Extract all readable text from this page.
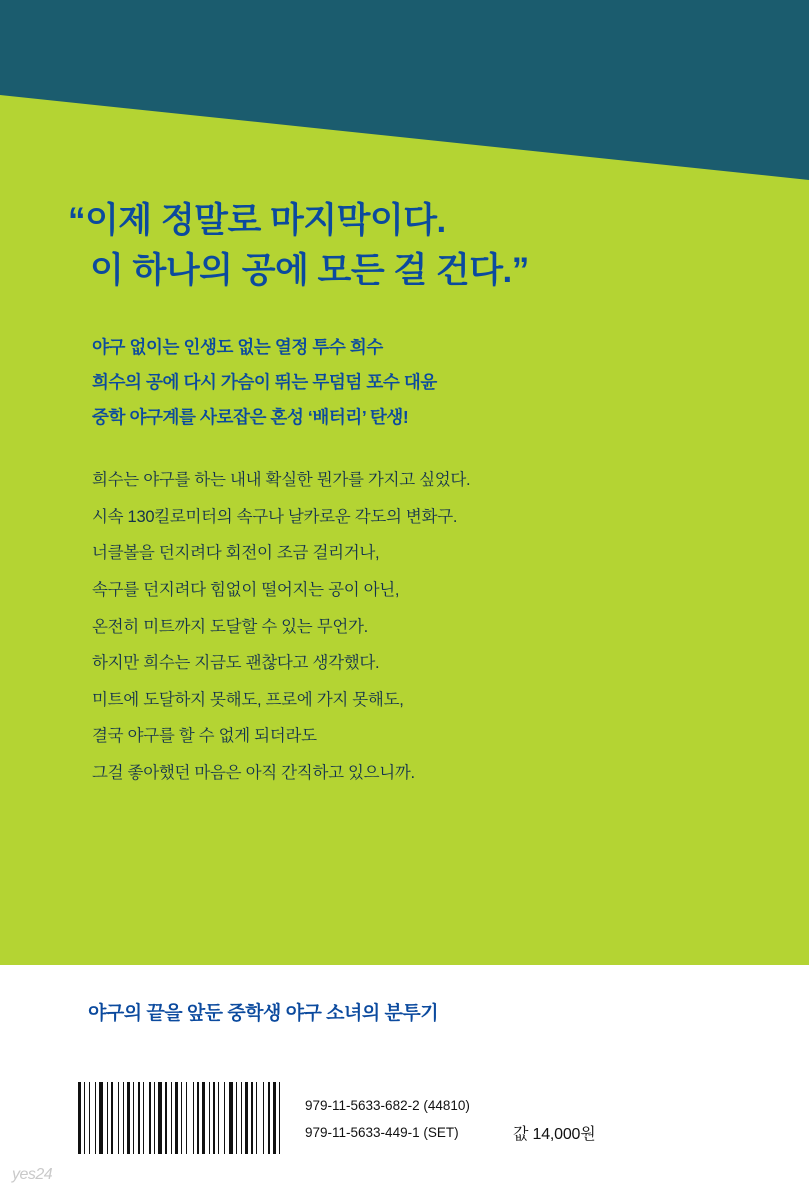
“이제 정말로 마지막이다.
이 하나의 공에 모든 걸 건다.”
야구 없이는 인생도 없는 열정 투수 희수
희수의 공에 다시 가슴이 뛰는 무덤덤 포수 대윤
중학 야구계를 사로잡은 혼성 ‘배터리’ 탄생!
희수는 야구를 하는 내내 확실한 뭔가를 가지고 싶었다.
시속 130킬로미터의 속구나 날카로운 각도의 변화구.
너클볼을 던지려다 회전이 조금 걸리거나,
속구를 던지려다 힘없이 떨어지는 공이 아닌,
온전히 미트까지 도달할 수 있는 무언가.
하지만 희수는 지금도 괜찮다고 생각했다.
미트에 도달하지 못해도, 프로에 가지 못해도,
결국 야구를 할 수 없게 되더라도
그걸 좋아했던 마음은 아직 간직하고 있으니까.
야구의 끝을 앞둔 중학생 야구 소녀의 분투기
979-11-5633-682-2 (44810)
979-11-5633-449-1 (SET)	값 14,000원
yes24
